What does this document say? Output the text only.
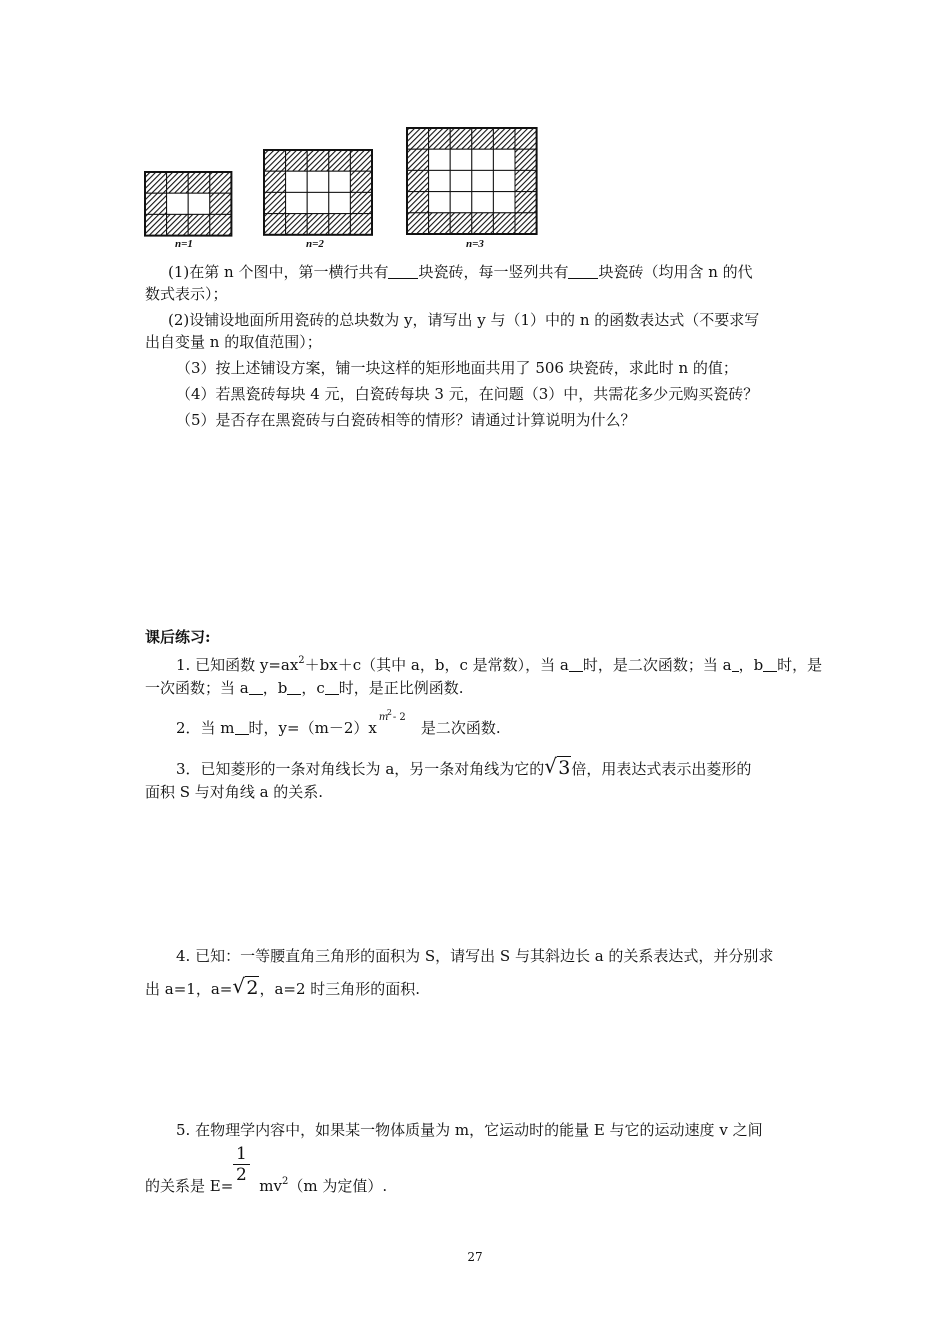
n=1	n=2	n=3
(1)在第 n 个图中，第一横行共有 块瓷砖，每一竖列共有 块瓷砖（均用含 n 的代
数式表示）；
(2)设铺设地面所用瓷砖的总块数为 y，请写出 y 与（1）中的 n 的函数表达式（不要求写
出自变量 n 的取值范围）；
（3）按上述铺设方案，铺一块这样的矩形地面共用了 506 块瓷砖，求此时 n 的值；
（4）若黑瓷砖每块 4 元，白瓷砖每块 3 元，在问题（3）中，共需花多少元购买瓷砖？
（5）是否存在黑瓷砖与白瓷砖相等的情形？请通过计算说明为什么？
课后练习:
1. 已知函数 $y=ax^2+bx+c$（其中 a，b，c 是常数），当 a 时，是二次函数；当 a ，b 时，是
一次函数；当 a ，b ，c 时，是正比例函数.
2．当 m 时，y=（m－2）x
m
2 - 2
是二次函数.
3．已知菱形的一条对角线长为 a，另一条对角线为它的 √ 3倍，用表达式表示出菱形的
面积 S 与对角线 a 的关系.
4. 已知：一等腰直角三角形的面积为 S，请写出 S 与其斜边长 a 的关系表达式，并分别求
出 a=1，a= √ 2，a=2 时三角形的面积.
5. 在物理学内容中，如果某一物体质量为 m，它运动时的能量 E 与它的运动速度 v 之间
$\frac{1}{2}$
的关系是 $E= mv^2(m$ 为定值）.
27
